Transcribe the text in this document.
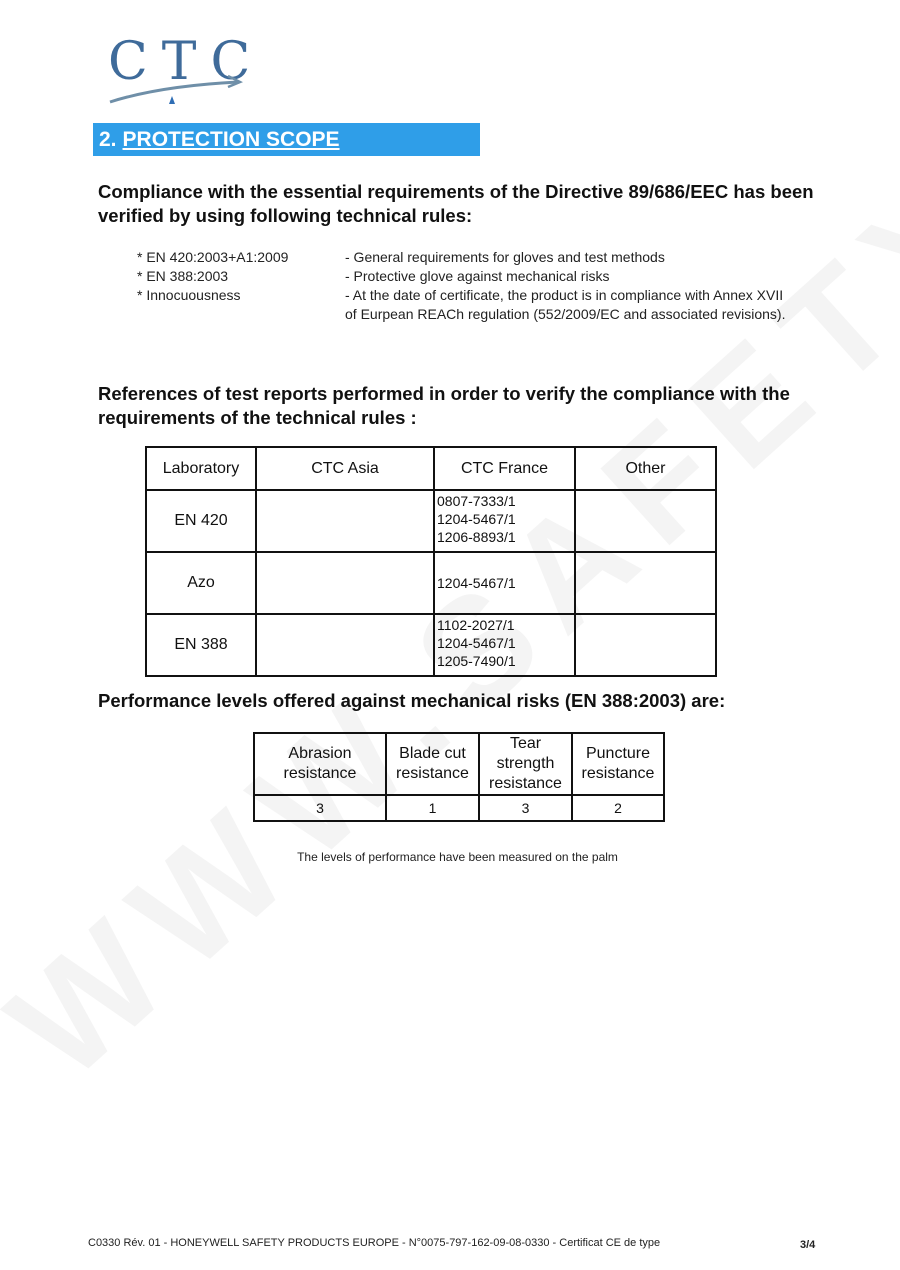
CTC
2. PROTECTION SCOPE
Compliance with the essential requirements of the Directive 89/686/EEC has been verified by using following technical rules:
* EN 420:2003+A1:2009	- General requirements for gloves and test methods
* EN 388:2003	- Protective glove against mechanical risks
* Innocuousness	- At the date of certificate, the product is in compliance with Annex XVII of Eurpean REACh regulation (552/2009/EC and associated revisions).
References of test reports performed in order to verify the compliance with the requirements of the technical rules :
Laboratory	CTC Asia	CTC France	Other
EN 420		0807-7333/1
1204-5467/1
1206-8893/1	

Azo		1204-5467/1	

EN 388		1102-2027/1
1204-5467/1
1205-7490/1	

Performance levels offered against mechanical risks (EN 388:2003) are:
Abrasion resistance	Blade cut resistance	Tear strength resistance	Puncture resistance
3	1	3	2
The levels of performance have been measured on the palm
C0330 Rév. 01 - HONEYWELL SAFETY PRODUCTS EUROPE - N°0075-797-162-09-08-0330 - Certificat CE de type	3/4
